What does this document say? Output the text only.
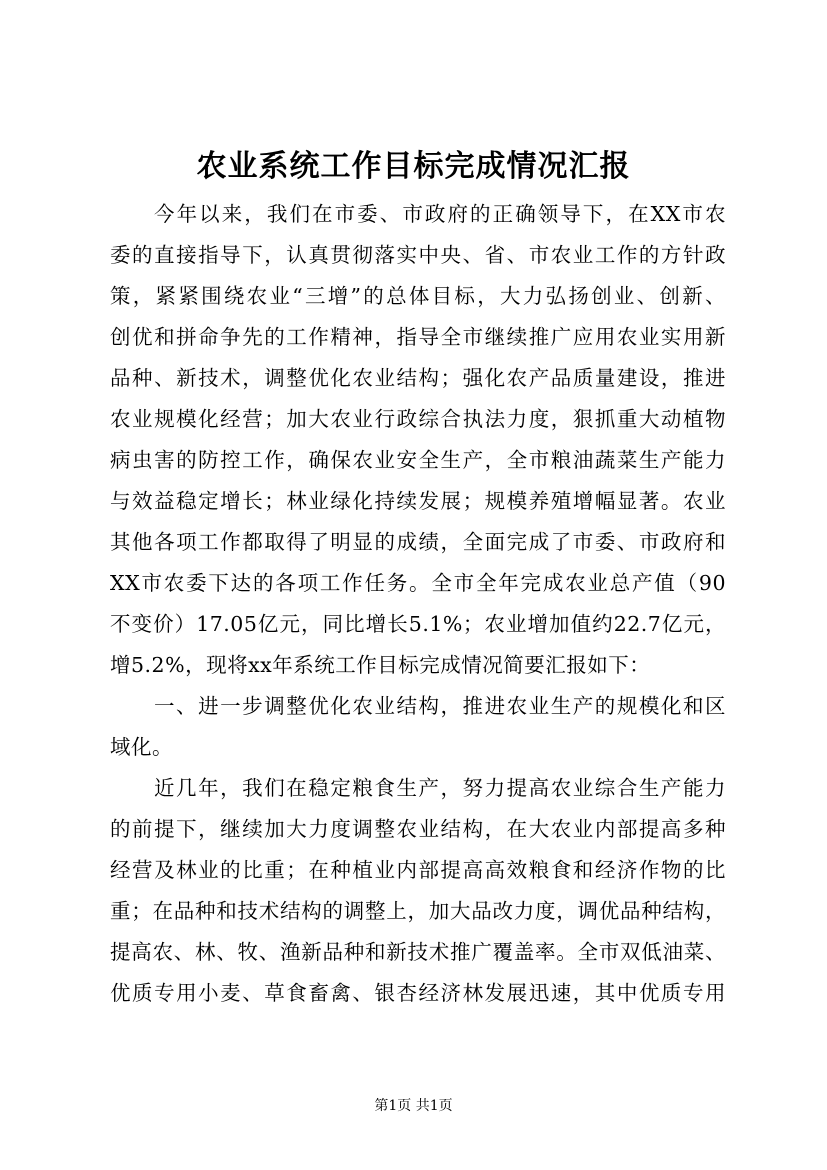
农业系统工作目标完成情况汇报
今年以来，我们在市委、市政府的正确领导下，在XX市农
委的直接指导下，认真贯彻落实中央、省、市农业工作的方针政
策，紧紧围绕农业“三增”的总体目标，大力弘扬创业、创新、
创优和拼命争先的工作精神，指导全市继续推广应用农业实用新
品种、新技术，调整优化农业结构；强化农产品质量建设，推进
农业规模化经营；加大农业行政综合执法力度，狠抓重大动植物
病虫害的防控工作，确保农业安全生产，全市粮油蔬菜生产能力
与效益稳定增长；林业绿化持续发展；规模养殖增幅显著。农业
其他各项工作都取得了明显的成绩，全面完成了市委、市政府和
XX市农委下达的各项工作任务。全市全年完成农业总产值（90
不变价）17.05亿元，同比增长5.1%；农业增加值约22.7亿元，
增5.2%，现将xx年系统工作目标完成情况简要汇报如下：
一、进一步调整优化农业结构，推进农业生产的规模化和区
域化。
近几年，我们在稳定粮食生产，努力提高农业综合生产能力
的前提下，继续加大力度调整农业结构，在大农业内部提高多种
经营及林业的比重；在种植业内部提高高效粮食和经济作物的比
重；在品种和技术结构的调整上，加大品改力度，调优品种结构，
提高农、林、牧、渔新品种和新技术推广覆盖率。全市双低油菜、
优质专用小麦、草食畜禽、银杏经济林发展迅速，其中优质专用
第1页 共1页
